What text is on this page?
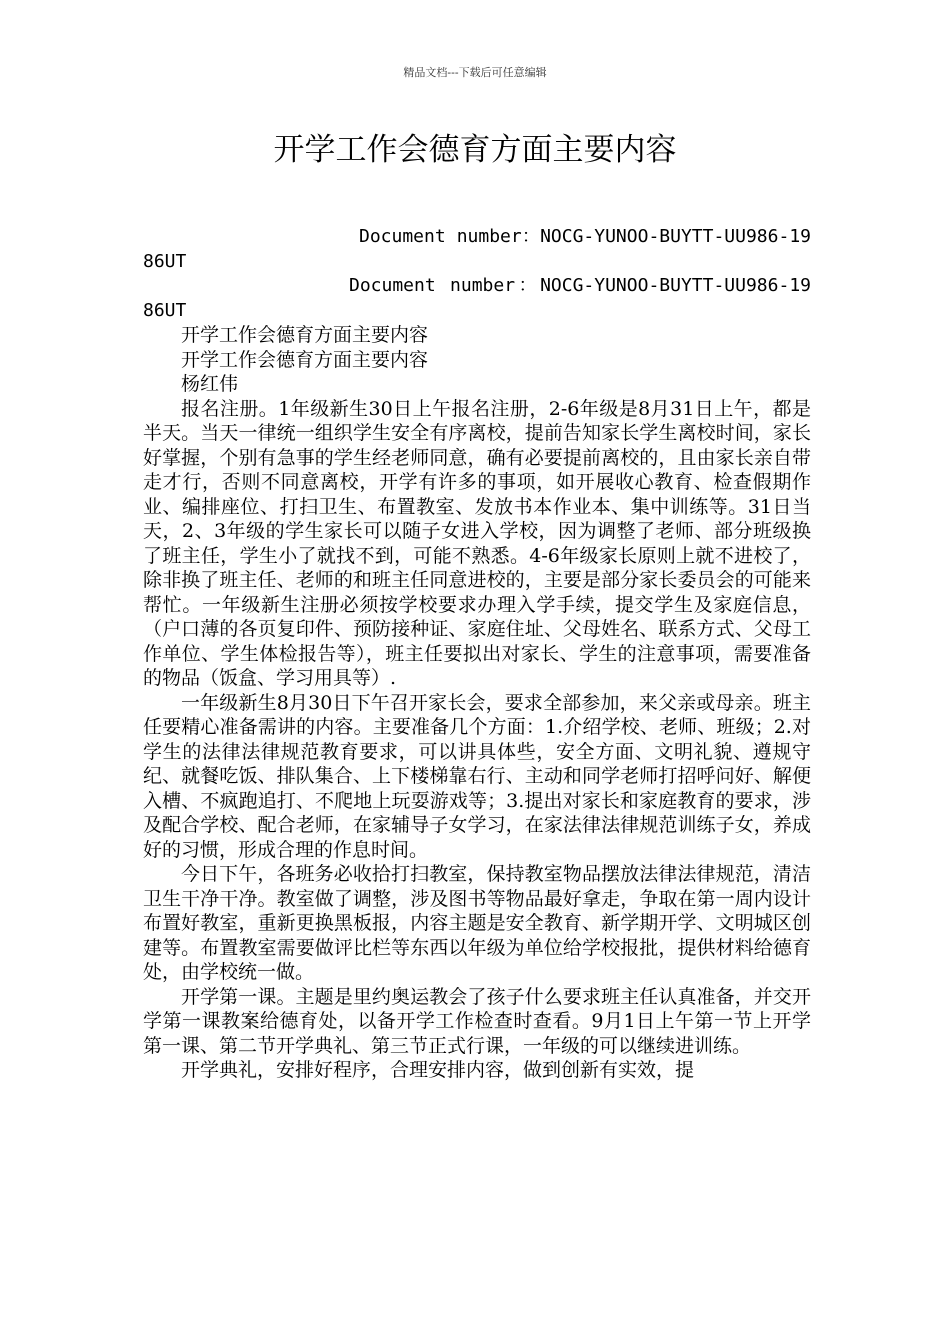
精品文档---下载后可任意编辑
开学工作会德育方面主要内容

Document number：NOCG-YUNOO-BUYTT-UU986-1986UT

Document number：NOCG-YUNOO-BUYTT-UU986-1986UT

开学工作会德育方面主要内容

开学工作会德育方面主要内容

杨红伟

报名注册。1年级新生30日上午报名注册，2-6年级是8月31日上午，都是半天。当天一律统一组织学生安全有序离校，提前告知家长学生离校时间，家长好掌握，个别有急事的学生经老师同意，确有必要提前离校的，且由家长亲自带走才行，否则不同意离校，开学有许多的事项，如开展收心教育、检查假期作业、编排座位、打扫卫生、布置教室、发放书本作业本、集中训练等。31日当天，2、3年级的学生家长可以随子女进入学校，因为调整了老师、部分班级换了班主任，学生小了就找不到，可能不熟悉。4-6年级家长原则上就不进校了，除非换了班主任、老师的和班主任同意进校的，主要是部分家长委员会的可能来帮忙。一年级新生注册必须按学校要求办理入学手续，提交学生及家庭信息，（户口薄的各页复印件、预防接种证、家庭住址、父母姓名、联系方式、父母工作单位、学生体检报告等），班主任要拟出对家长、学生的注意事项，需要准备的物品（饭盒、学习用具等）.

一年级新生8月30日下午召开家长会，要求全部参加，来父亲或母亲。班主任要精心准备需讲的内容。主要准备几个方面：1.介绍学校、老师、班级；2.对学生的法律法律规范教育要求，可以讲具体些，安全方面、文明礼貌、遵规守纪、就餐吃饭、排队集合、上下楼梯靠右行、主动和同学老师打招呼问好、解便入槽、不疯跑追打、不爬地上玩耍游戏等；3.提出对家长和家庭教育的要求，涉及配合学校、配合老师，在家辅导子女学习，在家法律法律规范训练子女，养成好的习惯，形成合理的作息时间。

今日下午，各班务必收拾打扫教室，保持教室物品摆放法律法律规范，清洁卫生干净干净。教室做了调整，涉及图书等物品最好拿走，争取在第一周内设计布置好教室，重新更换黑板报，内容主题是安全教育、新学期开学、文明城区创建等。布置教室需要做评比栏等东西以年级为单位给学校报批，提供材料给德育处，由学校统一做。

开学第一课。主题是里约奥运教会了孩子什么要求班主任认真准备，并交开学第一课教案给德育处，以备开学工作检查时查看。9月1日上午第一节上开学第一课、第二节开学典礼、第三节正式行课，一年级的可以继续进训练。

开学典礼，安排好程序，合理安排内容，做到创新有实效，提
